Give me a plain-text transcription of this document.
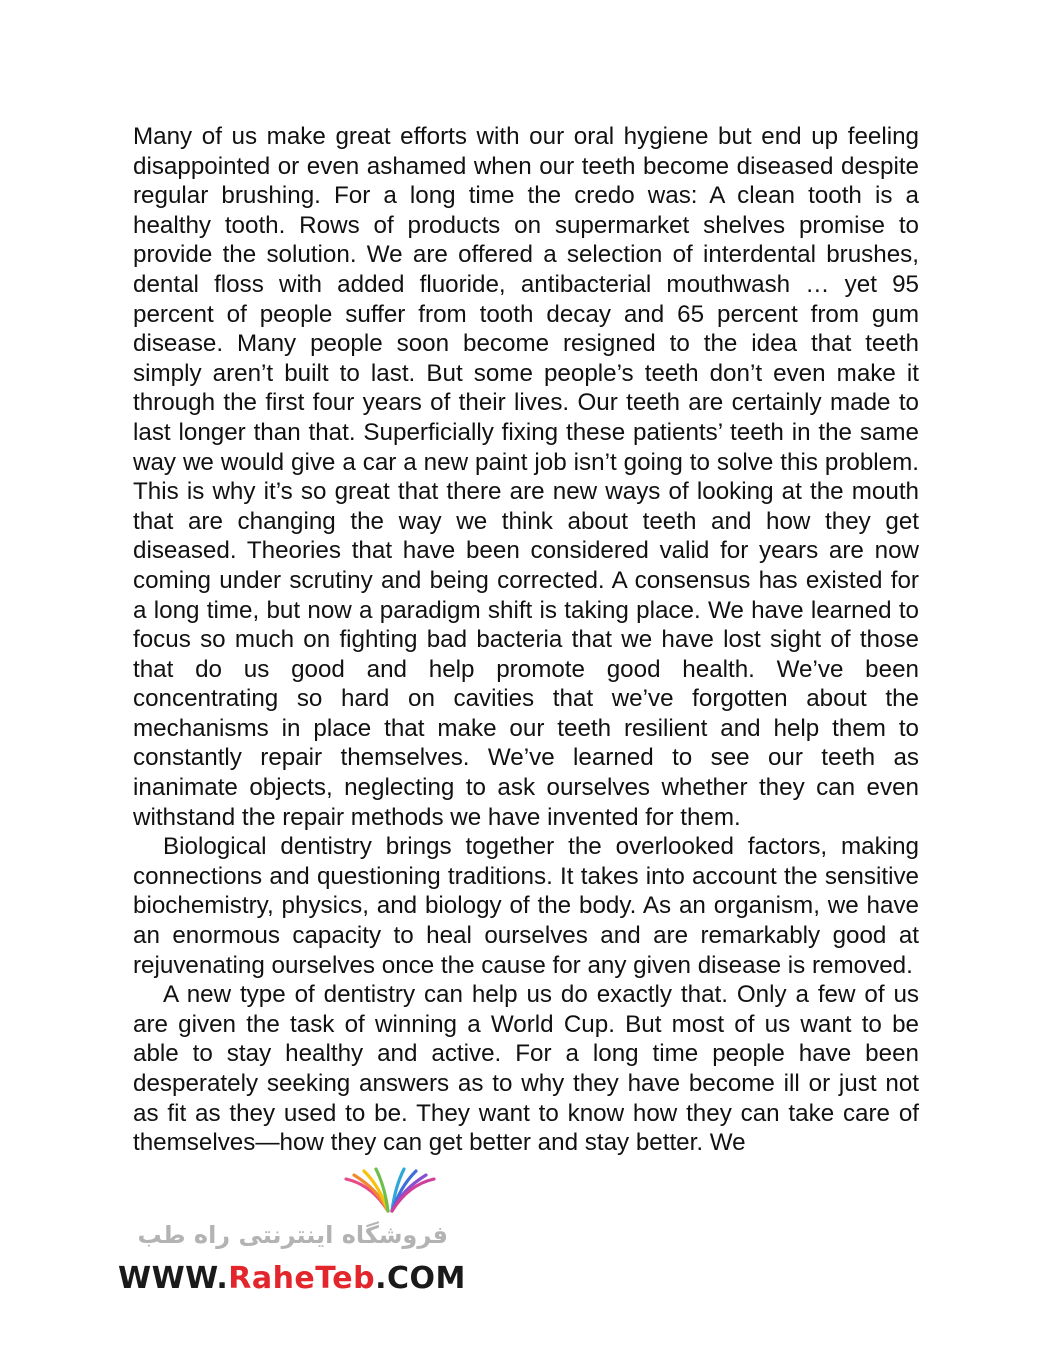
Many of us make great efforts with our oral hygiene but end up feeling disappointed or even ashamed when our teeth become diseased despite regular brushing. For a long time the credo was: A clean tooth is a healthy tooth. Rows of products on supermarket shelves promise to provide the solution. We are offered a selection of interdental brushes, dental floss with added fluoride, antibacterial mouthwash … yet 95 percent of people suffer from tooth decay and 65 percent from gum disease. Many people soon become resigned to the idea that teeth simply aren’t built to last. But some people’s teeth don’t even make it through the first four years of their lives. Our teeth are certainly made to last longer than that. Superficially fixing these patients’ teeth in the same way we would give a car a new paint job isn’t going to solve this problem. This is why it’s so great that there are new ways of looking at the mouth that are changing the way we think about teeth and how they get diseased. Theories that have been considered valid for years are now coming under scrutiny and being corrected. A consensus has existed for a long time, but now a paradigm shift is taking place. We have learned to focus so much on fighting bad bacteria that we have lost sight of those that do us good and help promote good health. We’ve been concentrating so hard on cavities that we’ve forgotten about the mechanisms in place that make our teeth resilient and help them to constantly repair themselves. We’ve learned to see our teeth as inanimate objects, neglecting to ask ourselves whether they can even withstand the repair methods we have invented for them.

Biological dentistry brings together the overlooked factors, making connections and questioning traditions. It takes into account the sensitive biochemistry, physics, and biology of the body. As an organism, we have an enormous capacity to heal ourselves and are remarkably good at rejuvenating ourselves once the cause for any given disease is removed.

A new type of dentistry can help us do exactly that. Only a few of us are given the task of winning a World Cup. But most of us want to be able to stay healthy and active. For a long time people have been desperately seeking answers as to why they have become ill or just not as fit as they used to be. They want to know how they can take care of themselves—how they can get better and stay better. We

فروشگاه اینترنتی راه طب
WWW.RaheTeb.COM
